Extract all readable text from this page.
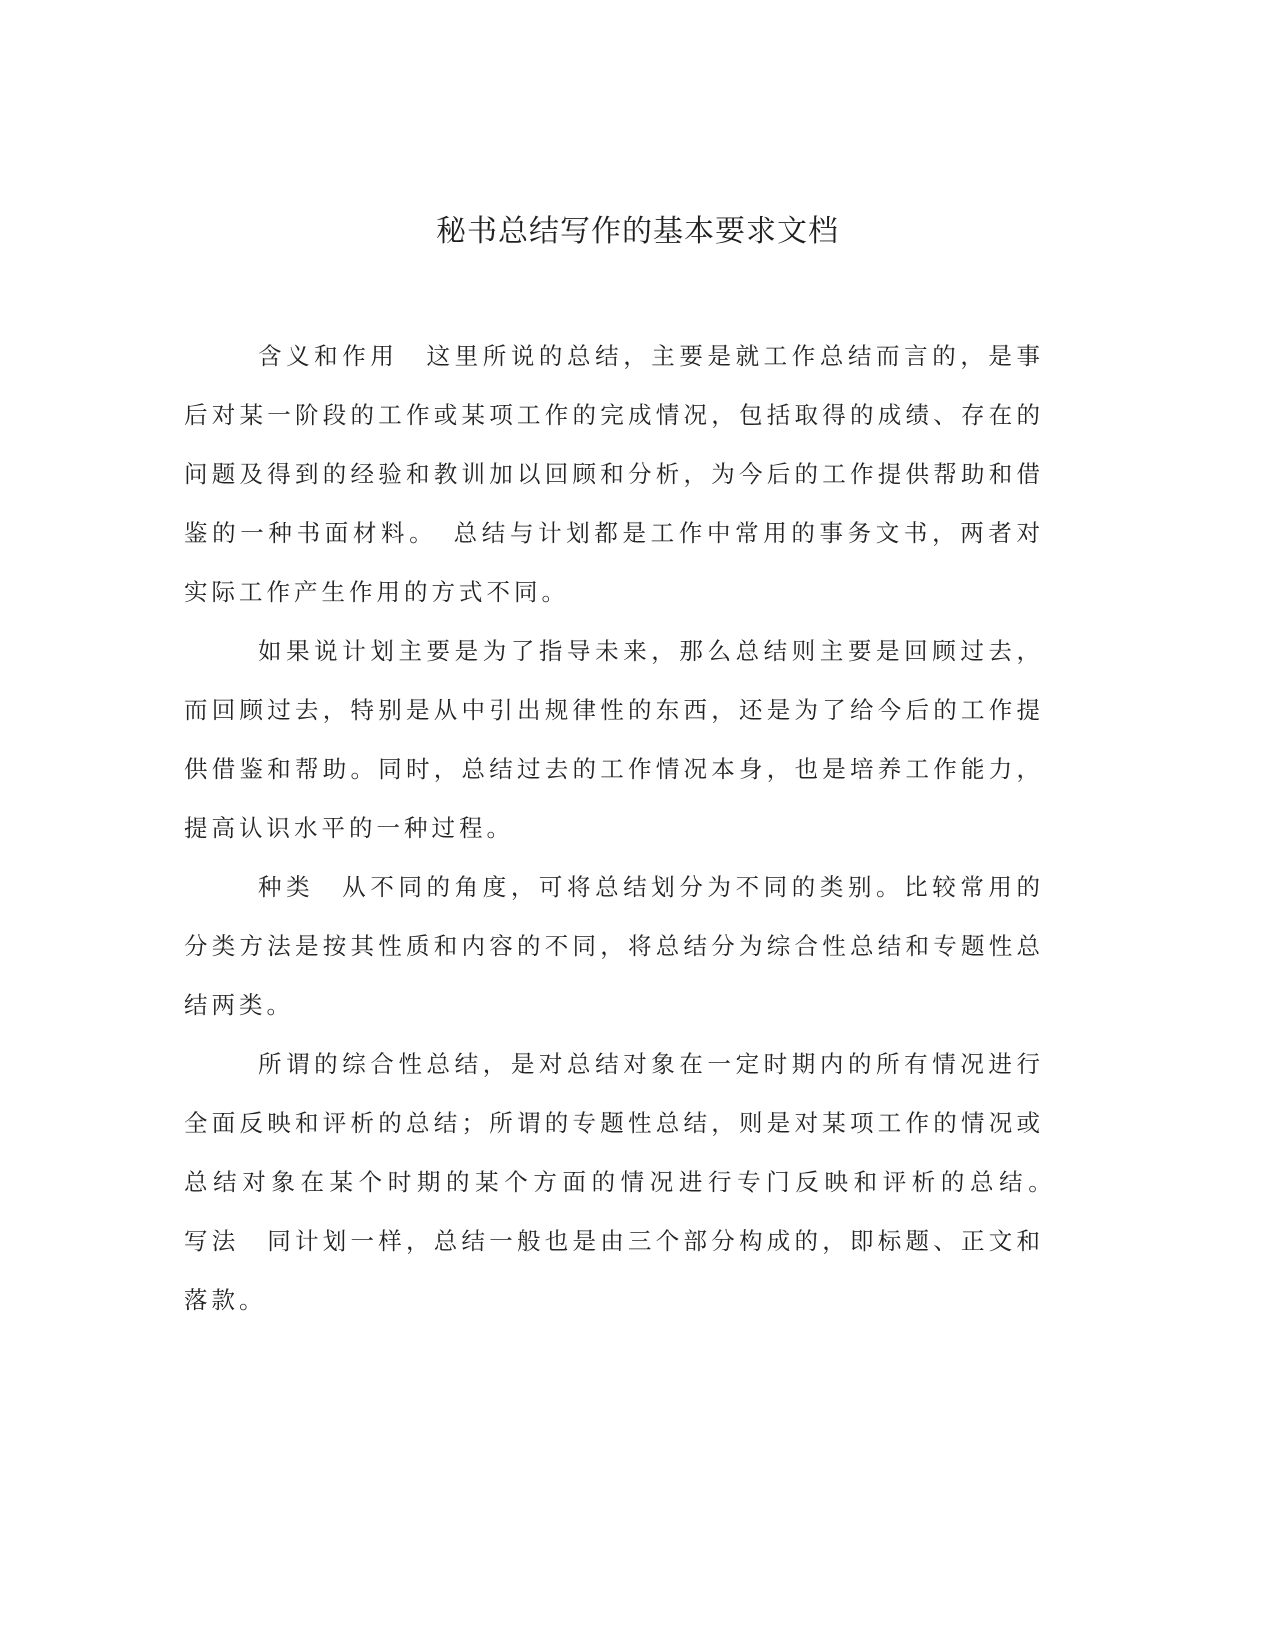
秘书总结写作的基本要求文档

含义和作用　这里所说的总结，主要是就工作总结而言的，是事后对某一阶段的工作或某项工作的完成情况，包括取得的成绩、存在的问题及得到的经验和教训加以回顾和分析，为今后的工作提供帮助和借鉴的一种书面材料。　总结与计划都是工作中常用的事务文书，两者对实际工作产生作用的方式不同。

如果说计划主要是为了指导未来，那么总结则主要是回顾过去，而回顾过去，特别是从中引出规律性的东西，还是为了给今后的工作提供借鉴和帮助。同时，总结过去的工作情况本身，也是培养工作能力，提高认识水平的一种过程。

种类　从不同的角度，可将总结划分为不同的类别。比较常用的分类方法是按其性质和内容的不同，将总结分为综合性总结和专题性总结两类。

所谓的综合性总结，是对总结对象在一定时期内的所有情况进行全面反映和评析的总结；所谓的专题性总结，则是对某项工作的情况或总结对象在某个时期的某个方面的情况进行专门反映和评析的总结。　写法　同计划一样，总结一般也是由三个部分构成的，即标题、正文和落款。
